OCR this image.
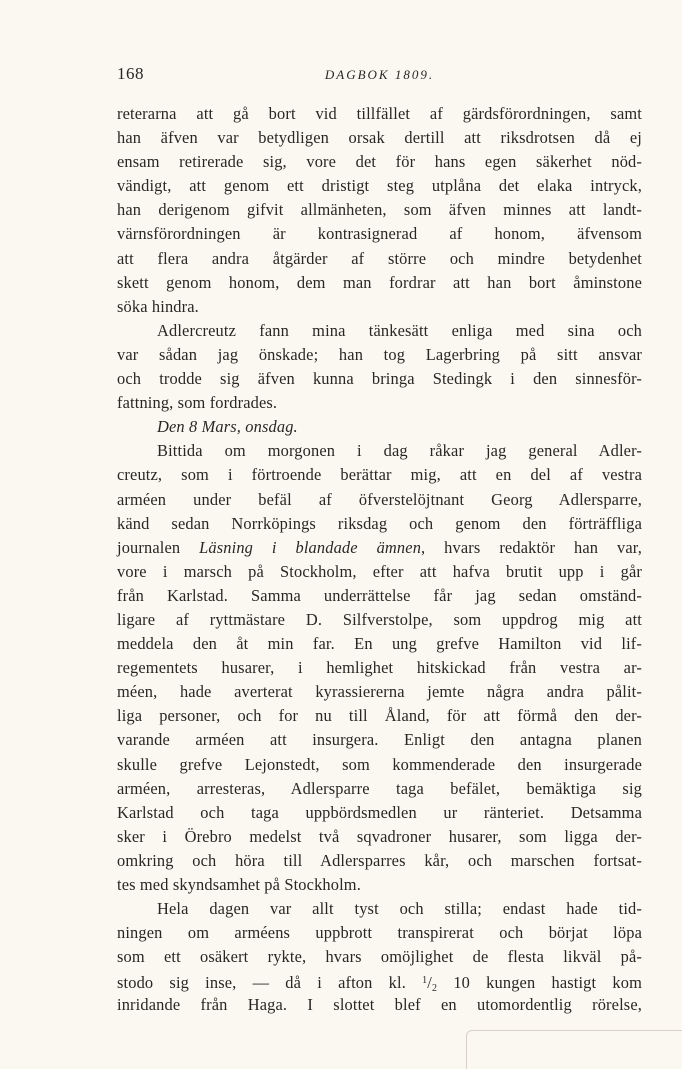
168	DAGBOK 1809.
reterarna att gå bort vid tillfället af gärdsförordningen, samt
han äfven var betydligen orsak dertill att riksdrotsen då ej
ensam retirerade sig, vore det för hans egen säkerhet nöd-
vändigt, att genom ett dristigt steg utplåna det elaka intryck,
han derigenom gifvit allmänheten, som äfven minnes att landt-
värnsförordningen är kontrasignerad af honom, äfvensom
att flera andra åtgärder af större och mindre betydenhet
skett genom honom, dem man fordrar att han bort åminstone
söka hindra.
Adlercreutz fann mina tänkesätt enliga med sina och
var sådan jag önskade; han tog Lagerbring på sitt ansvar
och trodde sig äfven kunna bringa Stedingk i den sinnesför-
fattning, som fordrades.
Den 8 Mars, onsdag.
Bittida om morgonen i dag råkar jag general Adler-
creutz, som i förtroende berättar mig, att en del af vestra
arméen under befäl af öfverstelöjtnant Georg Adlersparre,
känd sedan Norrköpings riksdag och genom den förträffliga
journalen Läsning i blandade ämnen, hvars redaktör han var,
vore i marsch på Stockholm, efter att hafva brutit upp i går
från Karlstad. Samma underrättelse får jag sedan omständ-
ligare af ryttmästare D. Silfverstolpe, som uppdrog mig att
meddela den åt min far. En ung grefve Hamilton vid lif-
regementets husarer, i hemlighet hitskickad från vestra ar-
méen, hade averterat kyrassiererna jemte några andra pålit-
liga personer, och for nu till Åland, för att förmå den der-
varande arméen att insurgera. Enligt den antagna planen
skulle grefve Lejonstedt, som kommenderade den insurgerade
arméen, arresteras, Adlersparre taga befälet, bemäktiga sig
Karlstad och taga uppbördsmedlen ur ränteriet. Detsamma
sker i Örebro medelst två sqvadroner husarer, som ligga der-
omkring och höra till Adlersparres kår, och marschen fortsat-
tes med skyndsamhet på Stockholm.
Hela dagen var allt tyst och stilla; endast hade tid-
ningen om arméens uppbrott transpirerat och börjat löpa
som ett osäkert rykte, hvars omöjlighet de flesta likväl på-
stodo sig inse, — då i afton kl. $^1$/2 10 kungen hastigt kom
inridande från Haga. I slottet blef en utomordentlig rörelse,
